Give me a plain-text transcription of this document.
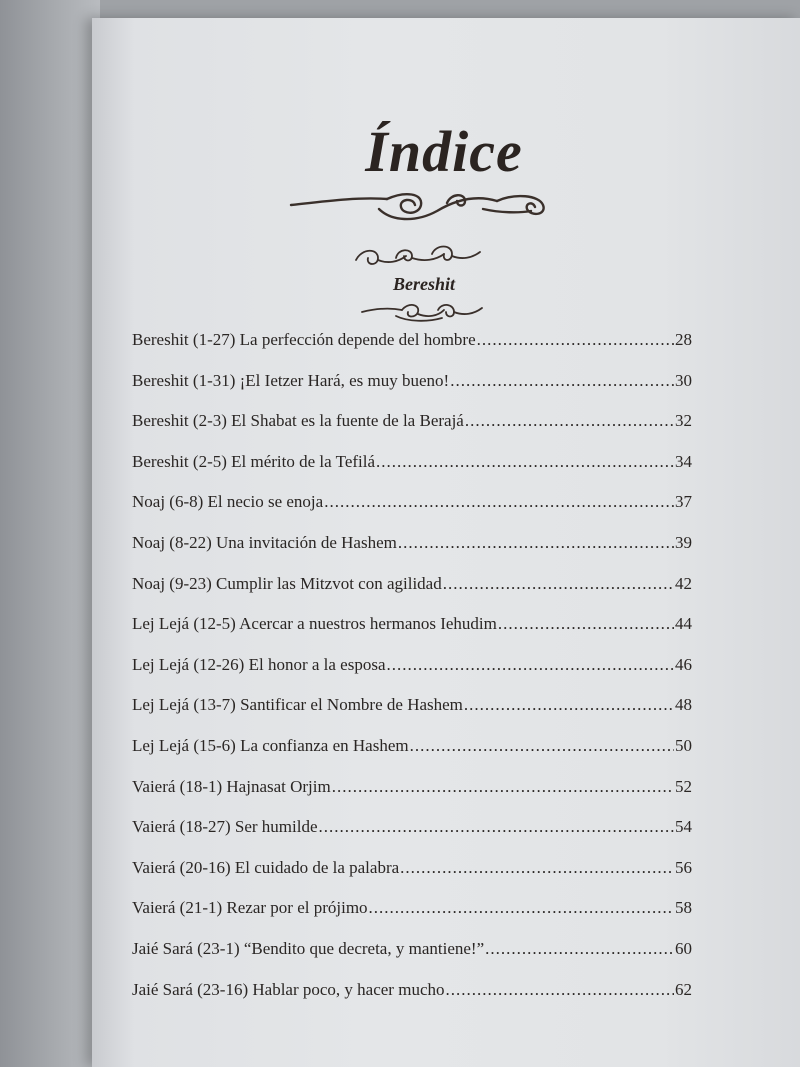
Índice
Bereshit
Bereshit (1-27) La perfección depende del hombre .....	28
Bereshit (1-31) ¡El Ietzer Hará, es muy bueno! .....	30
Bereshit (2-3) El Shabat es la fuente de la Berajá .....	32
Bereshit (2-5) El mérito de la Tefilá .....	34
Noaj (6-8) El necio se enoja .....	37
Noaj (8-22) Una invitación de Hashem .....	39
Noaj (9-23) Cumplir las Mitzvot con agilidad .....	42
Lej Lejá (12-5) Acercar a nuestros hermanos Iehudim .....	44
Lej Lejá (12-26) El honor a la esposa .....	46
Lej Lejá (13-7) Santificar el Nombre de Hashem .....	48
Lej Lejá (15-6) La confianza en Hashem .....	50
Vaierá (18-1) Hajnasat Orjim .....	52
Vaierá (18-27) Ser humilde .....	54
Vaierá (20-16) El cuidado de la palabra .....	56
Vaierá (21-1) Rezar por el prójimo .....	58
Jaié Sará (23-1) “Bendito que decreta, y mantiene!” .....	60
Jaié Sará (23-16) Hablar poco, y hacer mucho .....	62
